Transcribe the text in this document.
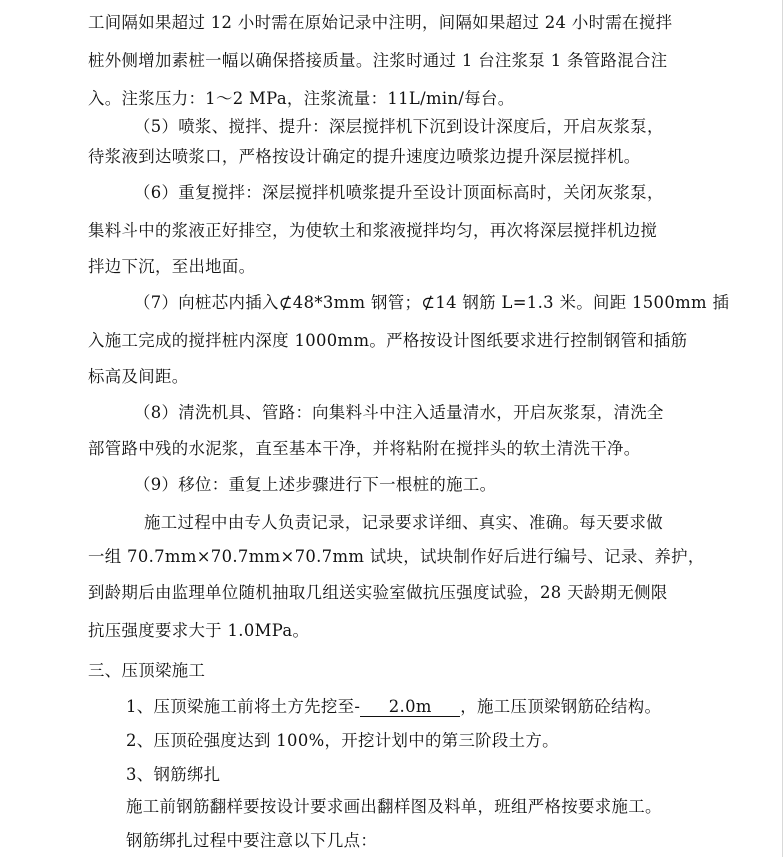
工间隔如果超过 12 小时需在原始记录中注明，间隔如果超过 24 小时需在搅拌
桩外侧增加素桩一幅以确保搭接质量。注浆时通过 1 台注浆泵 1 条管路混合注
入。注浆压力：1～2 MPa，注浆流量：11L/min/每台。
（5）喷浆、搅拌、提升：深层搅拌机下沉到设计深度后，开启灰浆泵，
待浆液到达喷浆口，严格按设计确定的提升速度边喷浆边提升深层搅拌机。
（6）重复搅拌：深层搅拌机喷浆提升至设计顶面标高时，关闭灰浆泵，
集料斗中的浆液正好排空，为使软土和浆液搅拌均匀，再次将深层搅拌机边搅
拌边下沉，至出地面。
（7）向桩芯内插入⊄48*3mm 钢管；⊄14 钢筋 L=1.3 米。间距 1500mm 插
入施工完成的搅拌桩内深度 1000mm。严格按设计图纸要求进行控制钢管和插筋
标高及间距。
（8）清洗机具、管路：向集料斗中注入适量清水，开启灰浆泵，清洗全
部管路中残的水泥浆，直至基本干净，并将粘附在搅拌头的软土清洗干净。
（9）移位：重复上述步骤进行下一根桩的施工。
施工过程中由专人负责记录，记录要求详细、真实、准确。每天要求做
一组 70.7mm×70.7mm×70.7mm 试块，试块制作好后进行编号、记录、养护，
到龄期后由监理单位随机抽取几组送实验室做抗压强度试验，28 天龄期无侧限
抗压强度要求大于 1.0MPa。
三、压顶梁施工
1、压顶梁施工前将土方先挖至- 2.0m ，施工压顶梁钢筋砼结构。
2、压顶砼强度达到 100%，开挖计划中的第三阶段土方。
3、钢筋绑扎
施工前钢筋翻样要按设计要求画出翻样图及料单，班组严格按要求施工。
钢筋绑扎过程中要注意以下几点：
